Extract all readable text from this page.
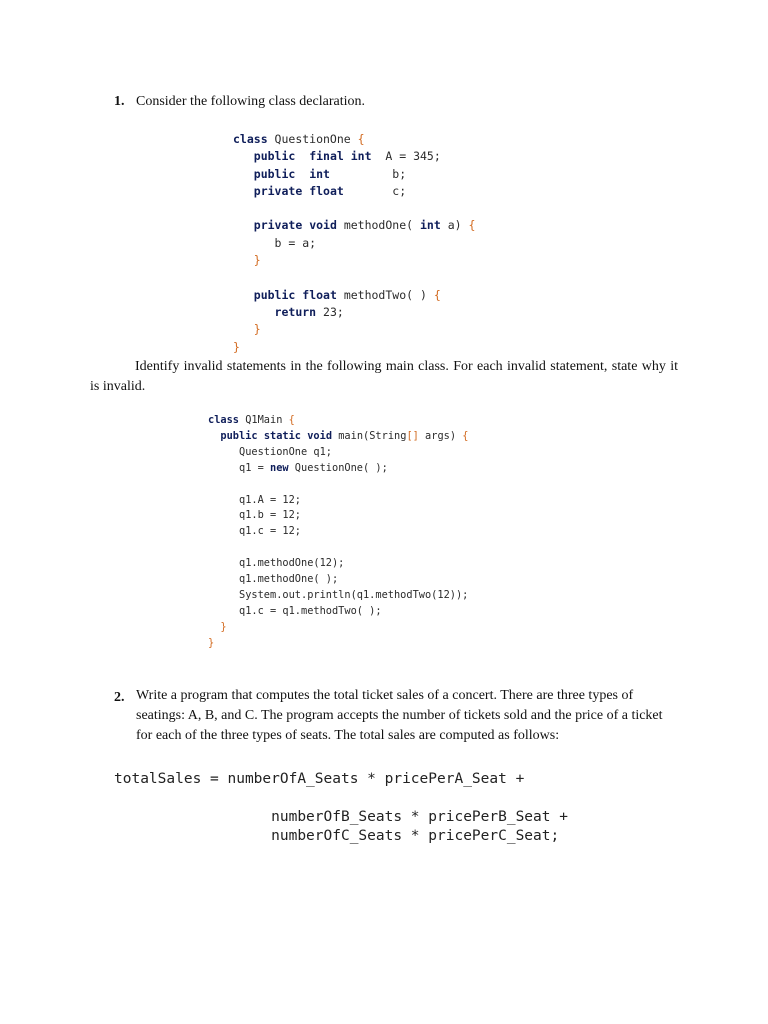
1. Consider the following class declaration.
class QuestionOne {
public final int  A = 345;
public int         b;
private float       c;

private void methodOne( int a) {
b = a;
}

public float methodTwo( ) {
return 23;
}
}

Identify invalid statements in the following main class. For each invalid statement, state why it is invalid.

class Q1Main {
public static void main(String[] args) {
QuestionOne q1;
q1 = new QuestionOne( );

q1.A = 12;
q1.b = 12;
q1.c = 12;

q1.methodOne(12);
q1.methodOne( );
System.out.println(q1.methodTwo(12));
q1.c = q1.methodTwo( );
}
}
2. Write a program that computes the total ticket sales of a concert. There are three types of seatings: A, B, and C. The program accepts the number of tickets sold and the price of a ticket for each of the three types of seats. The total sales are computed as follows:
totalSales = numberOfA_Seats * pricePerA_Seat +

numberOfB_Seats * pricePerB_Seat +
numberOfC_Seats * pricePerC_Seat;
